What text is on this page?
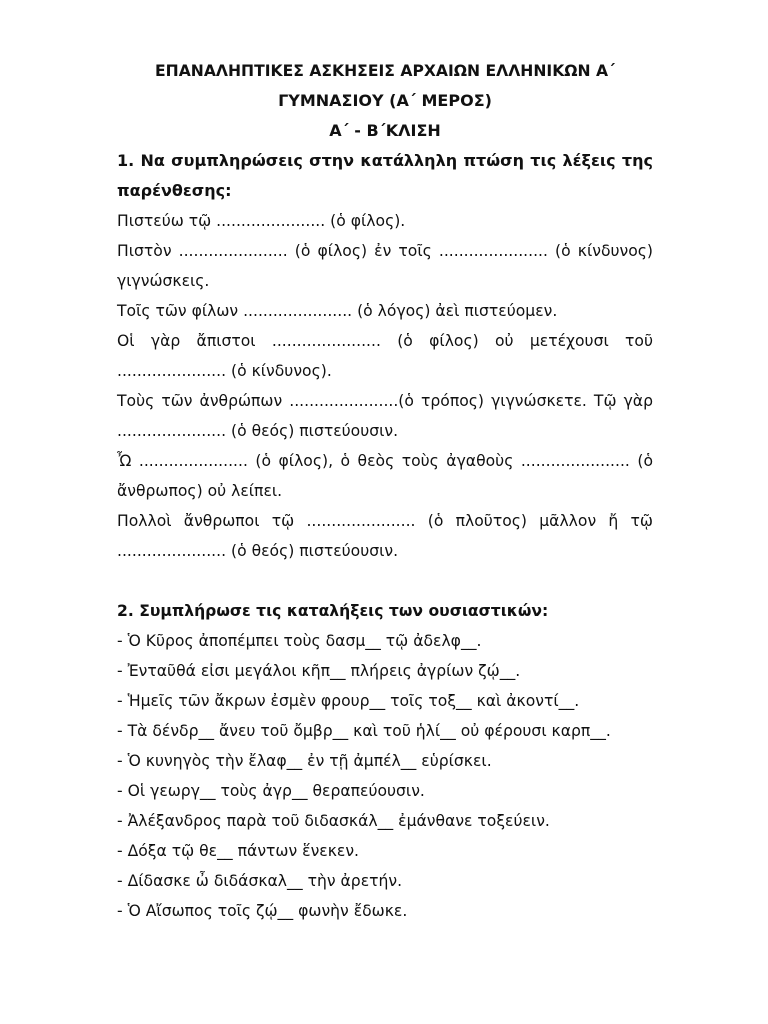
ΕΠΑΝΑΛΗΠΤΙΚΕΣ ΑΣΚΗΣΕΙΣ ΑΡΧΑΙΩΝ ΕΛΛΗΝΙΚΩΝ Α΄
ΓΥΜΝΑΣΙΟΥ (Α΄ ΜΕΡΟΣ)
Α΄ - Β΄ΚΛΙΣΗ

1. Να συμπληρώσεις στην κατάλληλη πτώση τις λέξεις της παρένθεσης:

Πιστεύω τῷ ...................... (ὁ φίλος).

Πιστὸν ...................... (ὁ φίλος) ἐν τοῖς ...................... (ὁ κίνδυνος) γιγνώσκεις.

Τοῖς τῶν φίλων ...................... (ὁ λόγος) ἀεὶ πιστεύομεν.

Οἱ γὰρ ἄπιστοι ...................... (ὁ φίλος) οὐ μετέχουσι τοῦ ...................... (ὁ κίνδυνος).

Τοὺς τῶν ἀνθρώπων ......................(ὁ τρόπος) γιγνώσκετε. Τῷ γὰρ ...................... (ὁ θεός) πιστεύουσιν.

Ὦ ...................... (ὁ φίλος), ὁ θεὸς τοὺς ἀγαθοὺς ...................... (ὁ ἄνθρωπος) οὐ λείπει.

Πολλοὶ ἄνθρωποι τῷ ...................... (ὁ πλοῦτος) μᾶλλον ἤ τῷ ...................... (ὁ θεός) πιστεύουσιν.

2. Συμπλήρωσε τις καταλήξεις των ουσιαστικών:

- Ὁ Κῦρος ἀποπέμπει τοὺς δασμ__ τῷ ἀδελφ__.

- Ἐνταῦθά εἰσι μεγάλοι κῆπ__ πλήρεις ἀγρίων ζῴ__.

- Ἡμεῖς τῶν ἄκρων ἐσμὲν φρουρ__ τοῖς τοξ__ καὶ ἀκοντί__.

- Τὰ δένδρ__ ἄνευ τοῦ ὄμβρ__ καὶ τοῦ ἡλί__ οὐ φέρουσι καρπ__.

- Ὁ κυνηγὸς τὴν ἔλαφ__ ἐν τῇ ἀμπέλ__ εὑρίσκει.

- Οἱ γεωργ__ τοὺς ἀγρ__ θεραπεύουσιν.

- Ἀλέξανδρος παρὰ τοῦ διδασκάλ__ ἐμάνθανε τοξεύειν.

- Δόξα τῷ θε__ πάντων ἕνεκεν.

- Δίδασκε ὦ διδάσκαλ__ τὴν ἀρετήν.

- Ὁ Αἴσωπος τοῖς ζῴ__ φωνὴν ἔδωκε.
